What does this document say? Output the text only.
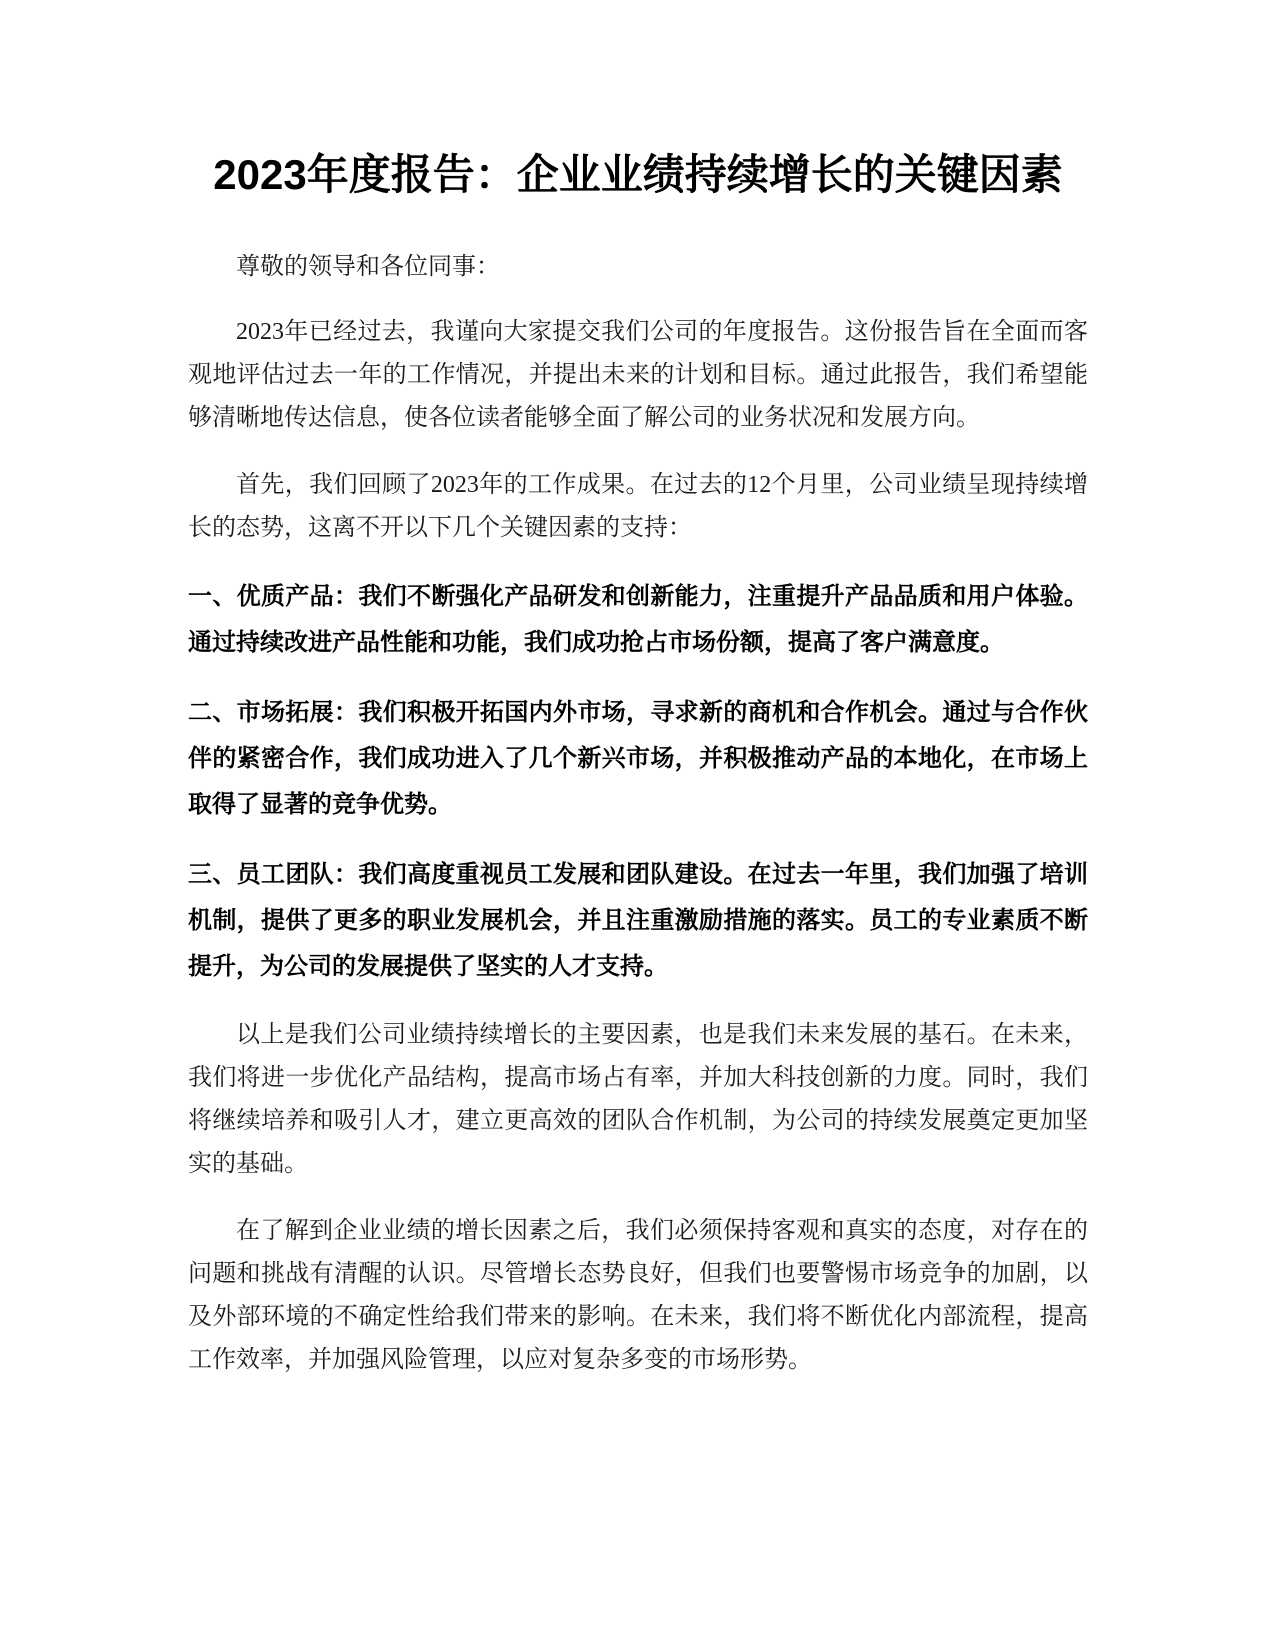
2023年度报告：企业业绩持续增长的关键因素

尊敬的领导和各位同事：

2023年已经过去，我谨向大家提交我们公司的年度报告。这份报告旨在全面而客观地评估过去一年的工作情况，并提出未来的计划和目标。通过此报告，我们希望能够清晰地传达信息，使各位读者能够全面了解公司的业务状况和发展方向。

首先，我们回顾了2023年的工作成果。在过去的12个月里，公司业绩呈现持续增长的态势，这离不开以下几个关键因素的支持：

一、优质产品：我们不断强化产品研发和创新能力，注重提升产品品质和用户体验。通过持续改进产品性能和功能，我们成功抢占市场份额，提高了客户满意度。

二、市场拓展：我们积极开拓国内外市场，寻求新的商机和合作机会。通过与合作伙伴的紧密合作，我们成功进入了几个新兴市场，并积极推动产品的本地化，在市场上取得了显著的竞争优势。

三、员工团队：我们高度重视员工发展和团队建设。在过去一年里，我们加强了培训机制，提供了更多的职业发展机会，并且注重激励措施的落实。员工的专业素质不断提升，为公司的发展提供了坚实的人才支持。

以上是我们公司业绩持续增长的主要因素，也是我们未来发展的基石。在未来，我们将进一步优化产品结构，提高市场占有率，并加大科技创新的力度。同时，我们将继续培养和吸引人才，建立更高效的团队合作机制，为公司的持续发展奠定更加坚实的基础。

在了解到企业业绩的增长因素之后，我们必须保持客观和真实的态度，对存在的问题和挑战有清醒的认识。尽管增长态势良好，但我们也要警惕市场竞争的加剧，以及外部环境的不确定性给我们带来的影响。在未来，我们将不断优化内部流程，提高工作效率，并加强风险管理，以应对复杂多变的市场形势。
